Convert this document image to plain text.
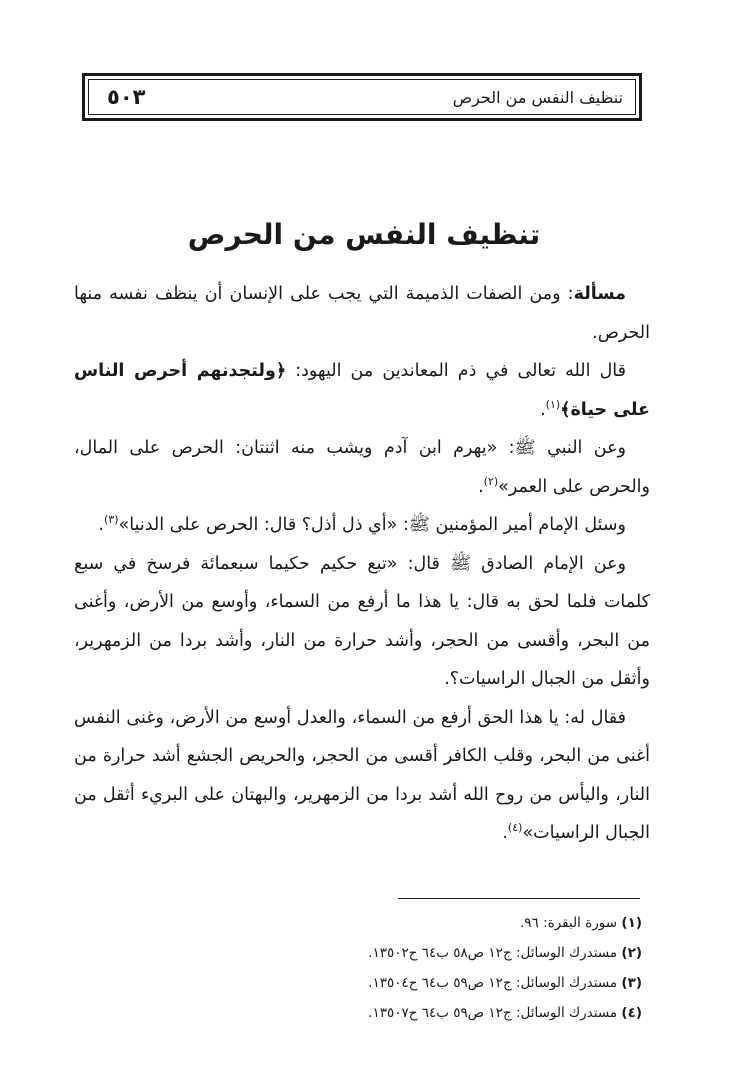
تنظيف النفس من الحرص
٥٠٣
تنظيف النفس من الحرص

مسألة: ومن الصفات الذميمة التي يجب على الإنسان أن ينظف نفسه منها الحرص.

قال الله تعالى في ذم المعاندين من اليهود: ﴿ولتجدنهم أحرص الناس على حياة﴾$^{(١)}$.

وعن النبي ﷺ: «يهرم ابن آدم ويشب منه اثنتان: الحرص على المال، والحرص على العمر»$^{(٢)}$.

وسئل الإمام أمير المؤمنين ﷺ: «أي ذل أذل؟ قال: الحرص على الدنيا»$^{(٣)}$.

وعن الإمام الصادق ﷺ قال: «تبع حكيم حكيما سبعمائة فرسخ في سبع كلمات فلما لحق به قال: يا هذا ما أرفع من السماء، وأوسع من الأرض، وأغنى من البحر، وأقسى من الحجر، وأشد حرارة من النار، وأشد بردا من الزمهرير، وأثقل من الجبال الراسيات؟.

فقال له: يا هذا الحق أرفع من السماء، والعدل أوسع من الأرض، وغنى النفس أغنى من البحر، وقلب الكافر أقسى من الحجر، والحريص الجشع أشد حرارة من النار، واليأس من روح الله أشد بردا من الزمهرير، والبهتان على البريء أثقل من الجبال الراسيات»$^{(٤)}$.

(١) سورة البقرة: ٩٦.

(٢) مستدرك الوسائل: ج١٢ ص٥٨ ب٦٤ ح١٣٥٠٢.

(٣) مستدرك الوسائل: ج١٢ ص٥٩ ب٦٤ ح١٣٥٠٤.

(٤) مستدرك الوسائل: ج١٢ ص٥٩ ب٦٤ ح١٣٥٠٧.
